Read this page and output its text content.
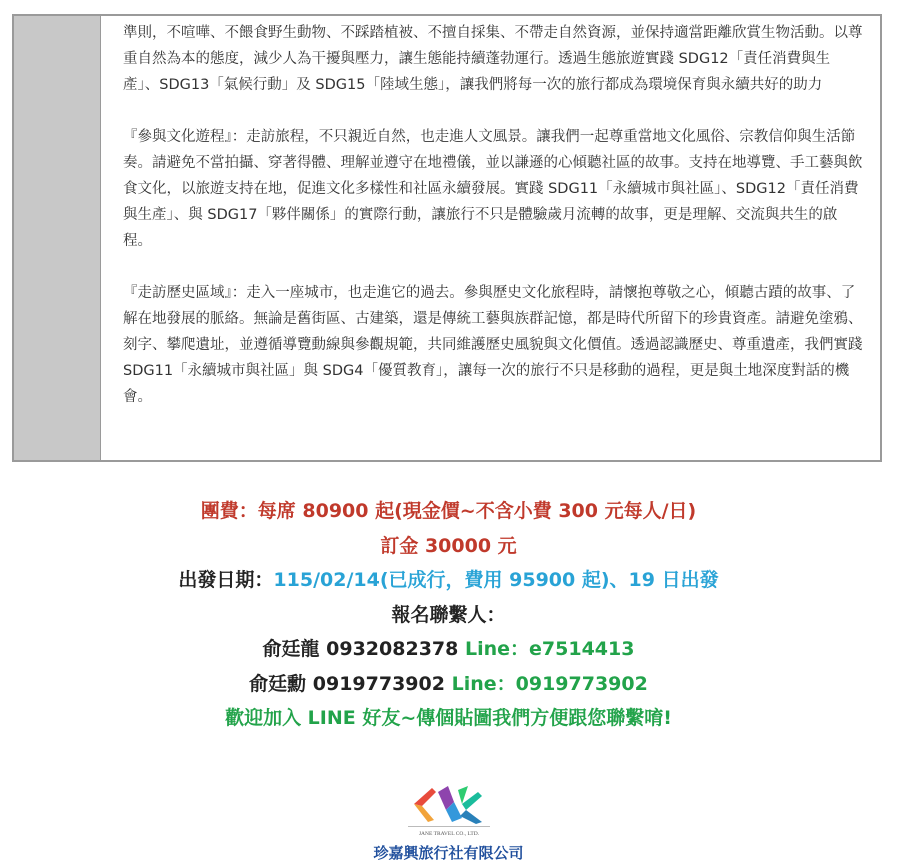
準則，不喧嘩、不餵食野生動物、不踩踏植被、不擅自採集、不帶走自然資源，並保持適當距離欣賞生物活動。以尊重自然為本的態度，減少人為干擾與壓力，讓生態能持續蓬勃運行。透過生態旅遊實踐 SDG12「責任消費與生產」、SDG13「氣候行動」及 SDG15「陸域生態」，讓我們將每一次的旅行都成為環境保育與永續共好的助力

『參與文化遊程』：走訪旅程，不只親近自然，也走進人文風景。讓我們一起尊重當地文化風俗、宗教信仰與生活節奏。請避免不當拍攝、穿著得體、理解並遵守在地禮儀，並以謙遜的心傾聽社區的故事。支持在地導覽、手工藝與飲食文化，以旅遊支持在地，促進文化多樣性和社區永續發展。實踐 SDG11「永續城市與社區」、SDG12「責任消費與生產」、與 SDG17「夥伴關係」的實際行動，讓旅行不只是體驗歲月流轉的故事，更是理解、交流與共生的啟程。

『走訪歷史區域』：走入一座城市，也走進它的過去。參與歷史文化旅程時，請懷抱尊敬之心，傾聽古蹟的故事、了解在地發展的脈絡。無論是舊街區、古建築，還是傳統工藝與族群記憶，都是時代所留下的珍貴資產。請避免塗鴉、刻字、攀爬遺址，並遵循導覽動線與參觀規範，共同維護歷史風貌與文化價值。透過認識歷史、尊重遺產，我們實踐 SDG11「永續城市與社區」與 SDG4「優質教育」，讓每一次的旅行不只是移動的過程，更是與土地深度對話的機會。

團費：每席 80900 起(現金價~不含小費 300 元每人/日)
訂金 30000 元
出發日期：115/02/14(已成行，費用 95900 起)、19 日出發
報名聯繫人：
俞廷龍 0932082378 Line：e7514413
俞廷勳 0919773902 Line：0919773902
歡迎加入 LINE 好友~傳個貼圖我們方便跟您聯繫唷!
JANE TRAVEL CO., LTD.
珍嘉興旅行社有限公司
